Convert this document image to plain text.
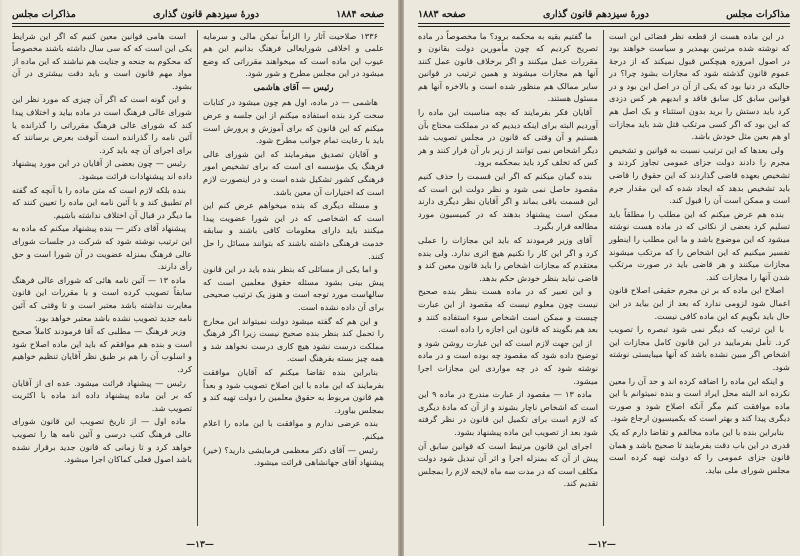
مذاکرات مجلس
دورهٔ سیزدهم قانون گذاری
صفحه ۱۸۸۳

در این ماده هست از قطعه نظر قضائی این است که نوشته شده مرتبین بهمدیر و سیاست خواهند بود در اصول امروزه هیچکس قبول نمیکند که از درجهٔ عموم قانون گذشته شود که مجازات بشود چرا؟ در حالیکه در دنیا بود که یکی از آن در اصل این بود و در قوانین سابق کل سابق فاقد و ابدیهم هر کس دزدی کرد باید دستش را برید بدون استثناء و بک اصل هم که این بود که اگر کسی مرتکب قتل شد باید مجازات او هم بعین مثل خودش باشد.

ولی بعدها که این ترتیب نسبت به قوانین و تشخیص مجرم را دادند دولت جزای عمومی تجاوز کردند و تشخیص بعهده قاضی گذاردند که این حقوق را قاضی باید تشخیص بدهد که ایجاد شده که این مقدار جرم است و ممکن است آن را قبول کند.

بنده هم عرض میکنم که این مطلب را مطلقاً باید تسلیم کرد بعضی از نکاتی که در ماده هست نوشته میشود که این موضوع باشد و ما این مطلب را اینطور تفسیر میکنیم که این اشخاص را که مرتکب میشوند مجازات میکنند و هر قاضی باید در صورت مرتکب شدن آنها را مجازات کند.

اصلاح این ماده که بر تن مجرم حقیقی اصلاح قانون اعمال شود لزومی ندارد که بعد از این بیاید در این حال باید بگویم که این ماده کافی نیست.

با این ترتیب که دیگر نمی شود تبصره را تصویب کرد. تأمل بفرمایید در این قانون کامل مجازات این اشخاص اگر مبین نشده باشد که آنها میبایستی نوشته شود.

و اینکه این ماده را اضافه کرده اند و حد آن را معین نکرده اند البته محل ایراد است و بنده نمیتوانم با این ماده موافقت کنم مگر آنکه اصلاح شود و صورت دیگری پیدا کند و بهتر است که بکمیسیون ارجاع شود.

بنابراین بنده با این ماده مخالفم و تقاضا دارم که یک قدری در این باب دقت بفرمایند تا صحیح باشد و همان قانون جزای عمومی را که دولت تهیه کرده است مجلس شورای ملی بیاید.

ما گفتیم بقیه به محکمه برود؟ ما مخصوصاً در ماده تصریح کردیم که چون مأمورین دولت بقانون و مقررات عمل میکنند و اگر برخلاف قانون عمل کنند آنها هم مجازات میشوند و همین ترتیب در قوانین سایر ممالک هم منظور شده است و بالاخره آنها هم مسئول هستند.

آقایان فکر بفرمایند که بچه مناسبت این ماده را آوردیم البته برای اینکه دیدیم که در مملکت محتاج بآن هستیم و آن وقتی که قانون در مجلس تصویب شد دیگر اشخاص نمی توانند از زیر بار آن فرار کنند و هر کس که تخلف کرد باید بمحکمه برود.

بنده گمان میکنم که اگر این قسمت را حذف کنیم مقصود حاصل نمی شود و نظر دولت این است که این قسمت باقی بماند و اگر آقایان نظر دیگری دارند ممکن است پیشنهاد بدهند که در کمیسیون مورد مطالعه قرار بگیرد.

آقای وزیر فرمودند که باید این مجازات را عملی کرد و اگر این کار را نکنیم هیچ اثری ندارد. ولی بنده معتقدم که مجازات اشخاص را باید قانون معین کند و قاضی نباید بنظر خودش حکم بدهد.

و این تعبیر که در ماده هست بنظر بنده صحیح نیست چون معلوم نیست که مقصود از این عبارت چیست و ممکن است اشخاص سوء استفاده کنند و بعد هم بگویند که قانون این اجازه را داده است.

از این جهت لازم است که این عبارت روشن شود و توضیح داده شود که مقصود چه بوده است و در ماده نوشته شود که در چه مواردی این مجازات اجرا میشود.

ماده ۱۳ — مقصود از عبارت مندرج در ماده ۹ این است که اشخاص ناچار بشوند و از آن که مادهٔ دیگری که لازم است برای تکمیل این قانون در نظر گرفته شود بعد از تصویب این ماده پیشنهاد بشود.

اجرای این قانون مرتبط است که قوانین سابق آن پیش از آن که بمنزله اجرا و اثر آن تبدیل شود دولت مکلف است که در مدت سه ماه لایحه لازم را بمجلس تقدیم کند.

—۱۲—
صفحه ۱۸۸۴
دورهٔ سیزدهم قانون گذاری
مذاکرات مجلس

۱۳۳۶ صلاحیت آثار را الزاماً تمکن مالی و سرمایه علمی و اخلاقی شورایعالی فرهنگ بدانیم این هم عیوب این ماده است که میخواهند مقرراتی که وضع میشود در این مجلس مطرح و شور شود.

رئیس — آقای هاشمی

هاشمی — در ماده، اول هم چون میشود در کتابات سخت کرد بنده استفاده میکنم از این جلسه و عرض میکنم که این قانون که برای آموزش و پرورش است باید با رعایت تمام جوانب مطرح شود.

و آقایان تصدیق میفرمایند که این شورای عالی فرهنگ یک مؤسسه ای است که برای تشخیص امور فرهنگی کشور تشکیل شده است و در اینصورت لازم است که اختیارات آن معین باشد.

و مسئله دیگری که بنده میخواهم عرض کنم این است که اشخاصی که در این شورا عضویت پیدا میکنند باید دارای معلومات کافی باشند و سابقه خدمت فرهنگی داشته باشند که بتوانند مسائل را حل کنند.

و اما یکی از مسائلی که بنظر بنده باید در این قانون پیش بینی بشود مسئله حقوق معلمین است که سالهاست مورد توجه است و هنوز یک ترتیب صحیحی برای آن داده نشده است.

و این هم که گفته میشود دولت نمیتواند این مخارج را تحمل کند بنظر بنده صحیح نیست زیرا اگر فرهنگ مملکت درست نشود هیچ کاری درست نخواهد شد و همه چیز بسته بفرهنگ است.

بنابراین بنده تقاضا میکنم که آقایان موافقت بفرمایند که این ماده با این اصلاح تصویب شود و بعداً هم قانون مربوط به حقوق معلمین را دولت تهیه کند و بمجلس بیاورد.

بنده عرضی ندارم و موافقت با این ماده را اعلام میکنم.

رئیس — آقای دکتر معظمی فرمایشی دارید؟ (خیر) پیشنهاد آقای جهانشاهی قرائت میشود.

است هامی قوانین معین کنیم که اگر این شرایط یکی این است که که سی سال داشته باشند مخصوصاً که محکوم به جنحه و جنایت هم نباشند که این ماده از مواد مهم قانون است و باید دقت بیشتری در آن بشود.

و این گونه است که اگر آن چیزی که مورد نظر این شورای عالی فرهنگ است در ماده بیاید و اختلاف پیدا کند که شورای عالی فرهنگ مقرراتی را گذرانده یا آئین نامه را گذرانده است آنوقت بعرض برسانند که برای اجرای آن چه باید کرد.

رئیس — چون بعضی از آقایان در این مورد پیشنهاد داده اند پیشنهادات قرائت میشود.

بنده بلکه لازم است که متن ماده را با آنچه که گفته ام تطبیق کند و با آئین نامه این ماده را تعیین کنند که ما دیگر در قبال آن اختلاف نداشته باشیم.

پیشنهاد آقای دکتر — بنده پیشنهاد میکنم که ماده به این ترتیب نوشته شود که شرکت در جلسات شورای عالی فرهنگ بمنزله عضویت در آن شورا است و حق رأی دارند.

ماده ۱۳ — آئین نامه هائی که شورای عالی فرهنگ سابقاً تصویب کرده است و با مقررات این قانون مغایرت نداشته باشد معتبر است و تا وقتی که آئین نامه جدید تصویب نشده باشد معتبر خواهد بود.

وزیر فرهنگ — مطلبی که آقا فرمودند کاملاً صحیح است و بنده هم موافقم که باید این ماده اصلاح شود و اسلوب آن را هم بر طبق نظر آقایان تنظیم خواهیم کرد.

رئیس — پیشنهاد قرائت میشود. عده ای از آقایان که بر این ماده پیشنهاد داده اند ماده با اکثریت تصویب شد.

ماده اول — از تاریخ تصویب این قانون شورای عالی فرهنگ کتب درسی و آئین نامه ها را تصویب خواهد کرد و تا زمانی که قانون جدید برقرار نشده باشد اصول فعلی کماکان اجرا میشود.

—۱۳—
